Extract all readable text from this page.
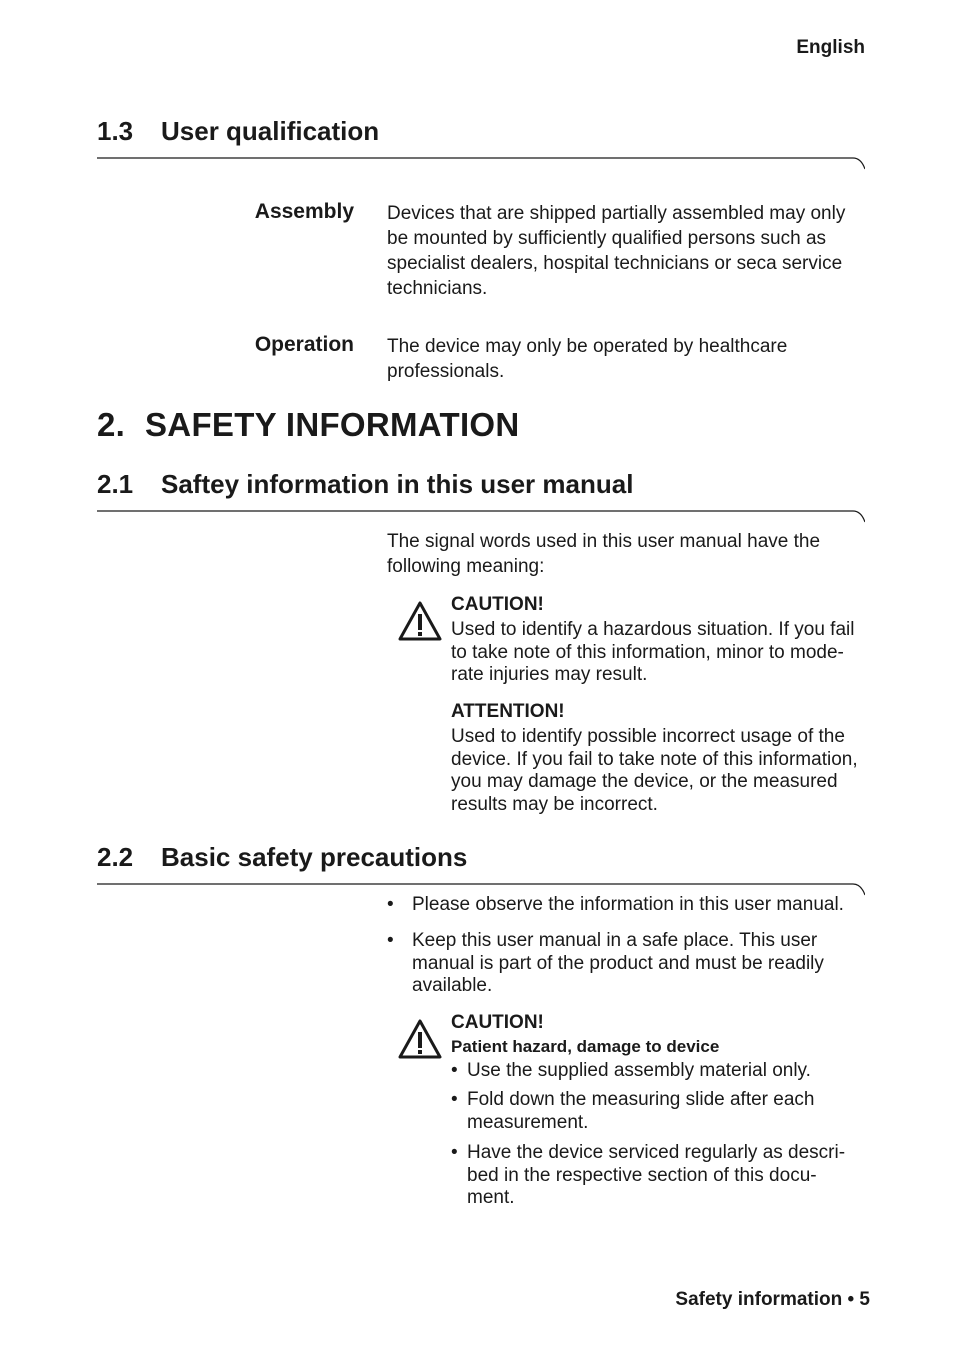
English
1.3 User qualification
Assembly Devices that are shipped partially assembled may only
be mounted by sufficiently qualified persons such as
specialist dealers, hospital technicians or seca service
technicians.
Operation The device may only be operated by healthcare
professionals.
2. SAFETY INFORMATION
2.1 Saftey information in this user manual
The signal words used in this user manual have the
following meaning:
CAUTION!
Used to identify a hazardous situation. If you fail
to take note of this information, minor to mode-
rate injuries may result.
ATTENTION!
Used to identify possible incorrect usage of the
device. If you fail to take note of this information,
you may damage the device, or the measured
results may be incorrect.
2.2 Basic safety precautions
• Please observe the information in this user manual.
• Keep this user manual in a safe place. This user
manual is part of the product and must be readily
available.
CAUTION!
Patient hazard, damage to device
• Use the supplied assembly material only.
• Fold down the measuring slide after each
measurement.
• Have the device serviced regularly as descri-
bed in the respective section of this docu-
ment.
Safety information • 5
